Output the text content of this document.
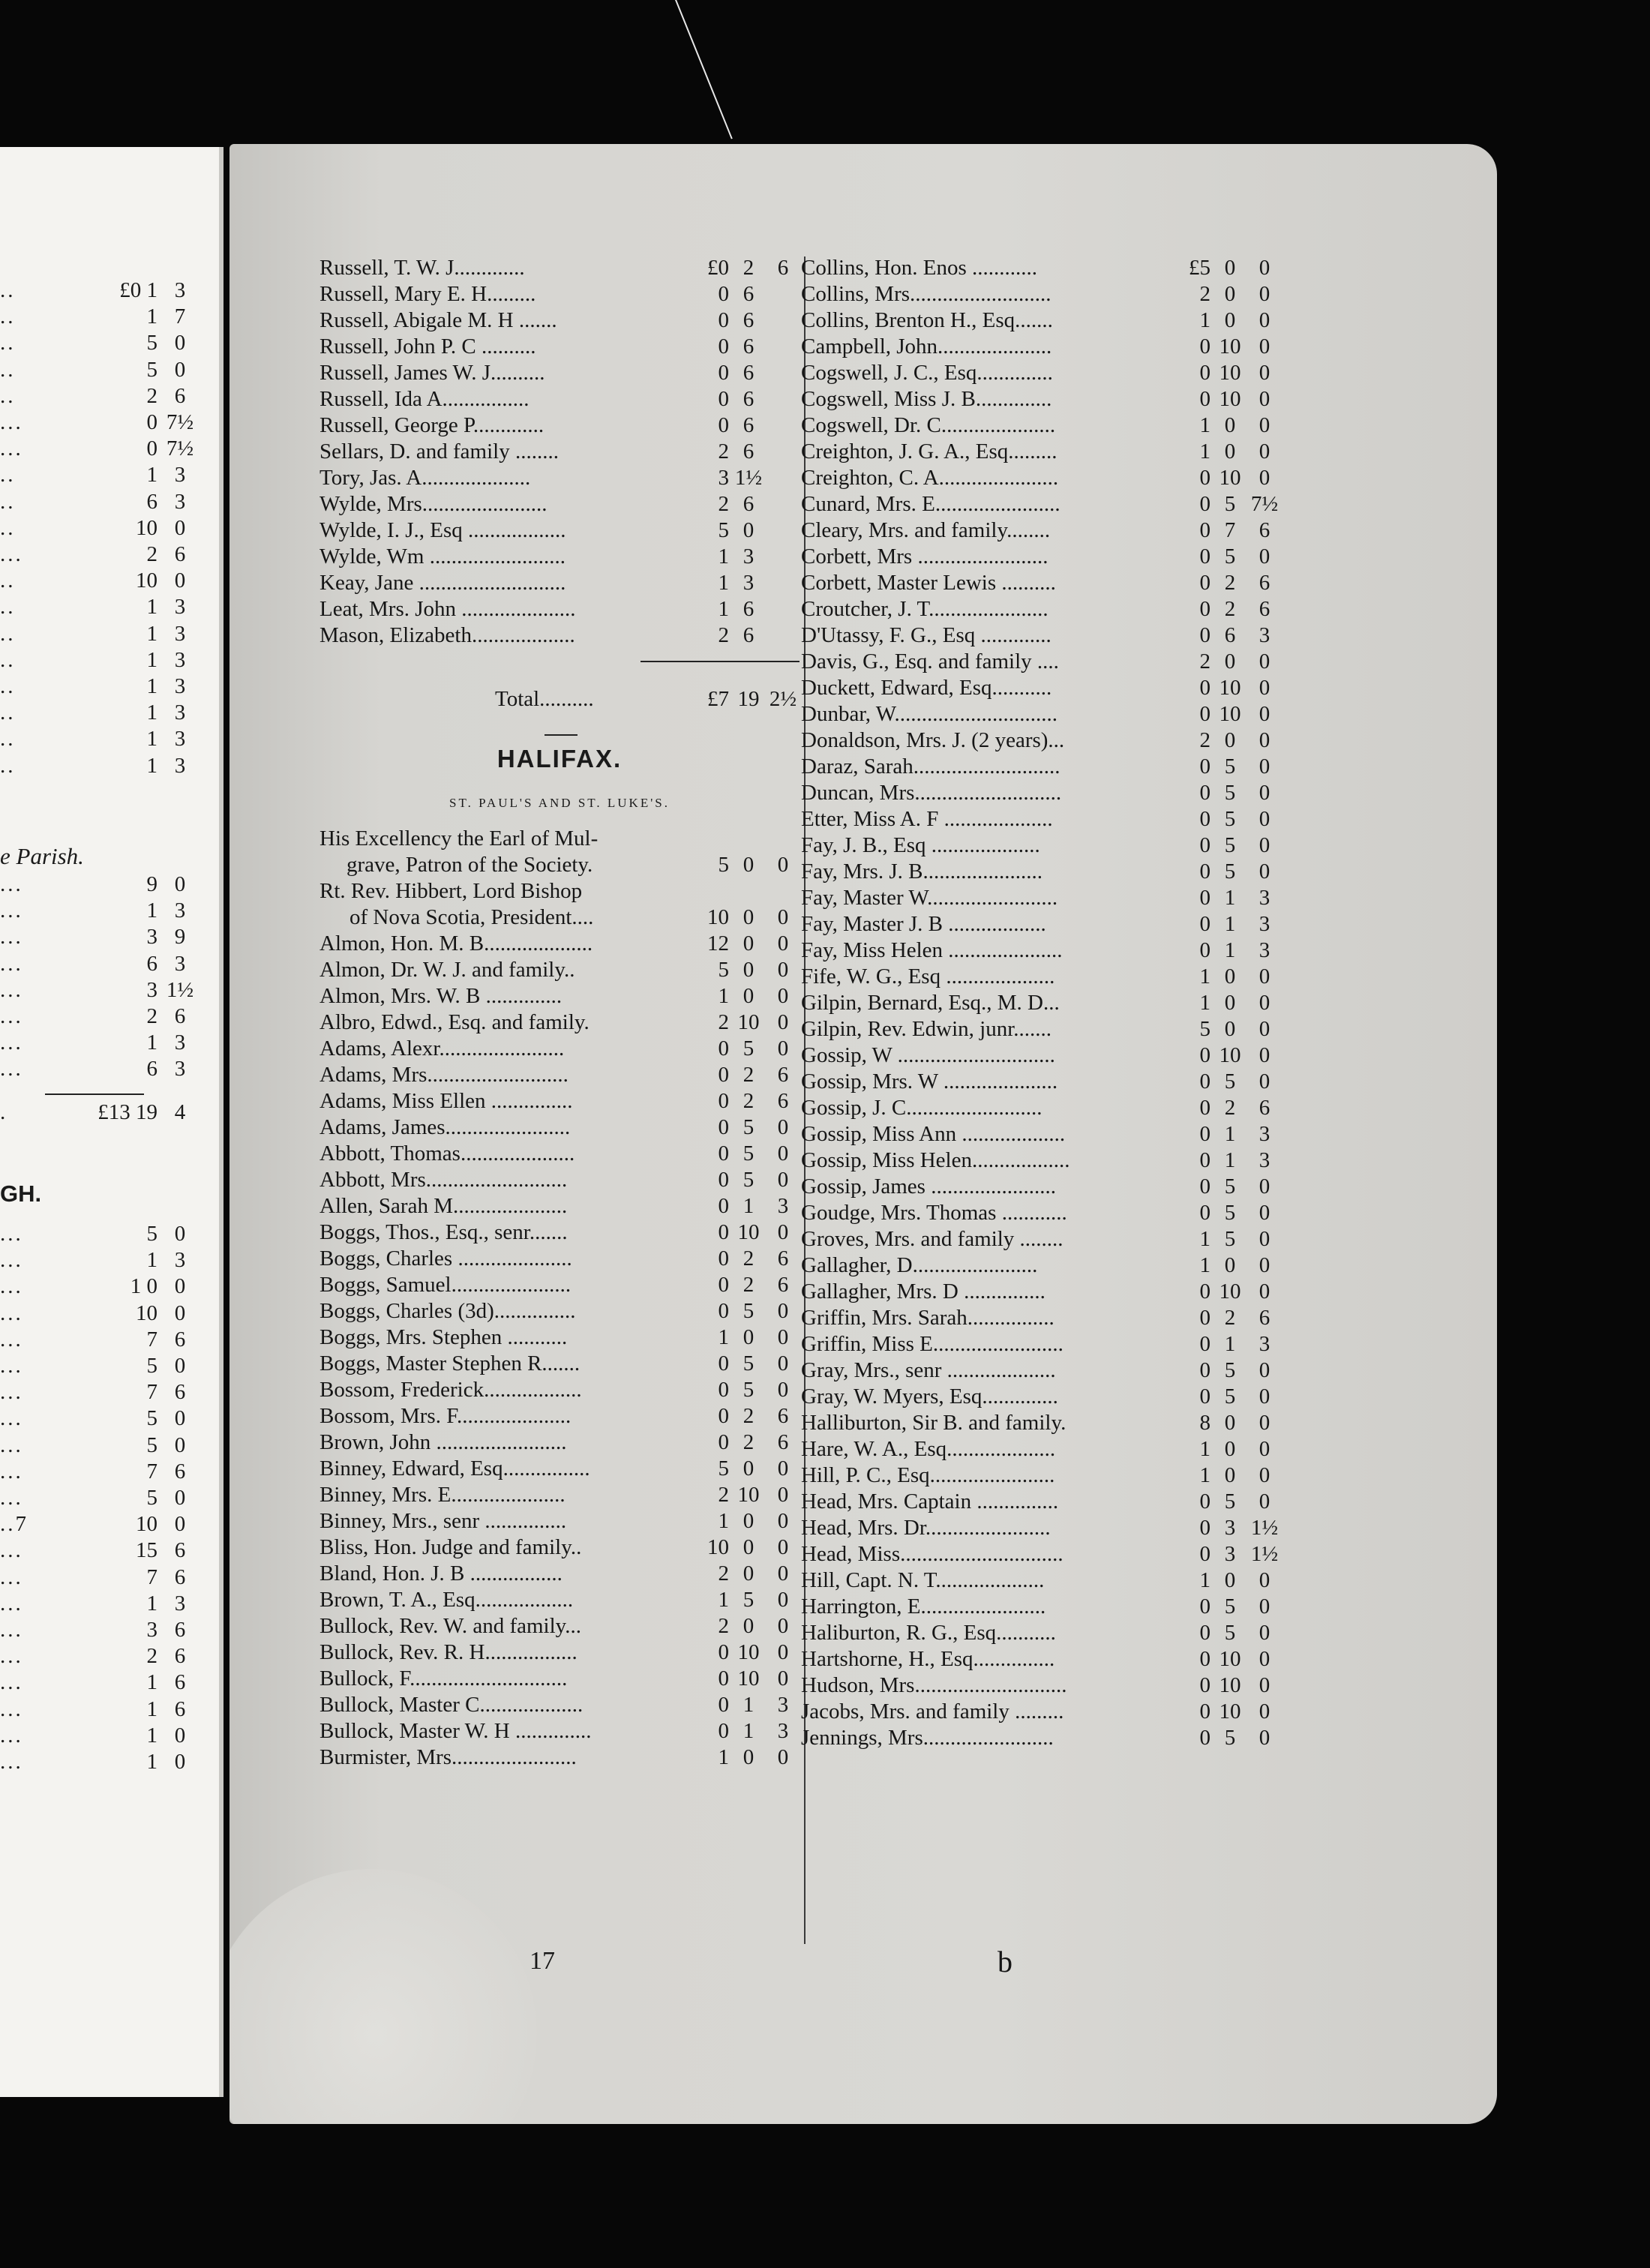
..	£0 1 3
..	1 7
..	5 0
..	5 0
..	2 6
...	0 7½
...	0 7½
..	1 3
..	6 3
..	10 0
...	2 6
..	10 0
..	1 3
..	1 3
..	1 3
..	1 3
..	1 3
..	1 3
..	1 3
e Parish.
...	9 0
...	1 3
...	3 9
...	6 3
...	3 1½
...	2 6
...	1 3
...	6 3
.	£13 19 4
GH.
...	5 0
...	1 3
...	1 0 0
...	10 0
...	7 6
...	5 0
...	7 6
...	5 0
...	5 0
...	7 6
...	5 0
..7	10 0
...	15 6
...	7 6
...	1 3
...	3 6
...	2 6
...	1 6
...	1 6
...	1 0
...	1 0
Russell, T. W. J.............	£0 2	6
Russell, Mary E. H.........	0 6
Russell, Abigale M. H .......	0 6
Russell, John P. C ..........	0 6
Russell, James W. J..........	0 6
Russell, Ida A................	0 6
Russell, George P.............	0 6
Sellars, D. and family ........	2 6
Tory, Jas. A....................	3 1½
Wylde, Mrs.......................	2 6
Wylde, I. J., Esq ..................	5 0
Wylde, Wm .........................	1 3
Keay, Jane ...........................	1 3
Leat, Mrs. John .....................	1 6
Mason, Elizabeth...................	2 6
Total..........	£7 19 2½
HALIFAX.
ST. PAUL'S AND ST. LUKE'S.
His Excellency the Earl of Mul-
grave, Patron of the Society.	5 0	0
Rt. Rev. Hibbert, Lord Bishop
of Nova Scotia, President....	10 0	0
Almon, Hon. M. B....................	12 0	0
Almon, Dr. W. J. and family..	5 0	0
Almon, Mrs. W. B ..............	1 0	0
Albro, Edwd., Esq. and family.	2 10 0
Adams, Alexr.......................	0 5	0
Adams, Mrs..........................	0 2	6
Adams, Miss Ellen ...............	0 2	6
Adams, James.......................	0 5	0
Abbott, Thomas.....................	0 5	0
Abbott, Mrs..........................	0 5	0
Allen, Sarah M.....................	0 1	3
Boggs, Thos., Esq., senr.......	0 10 0
Boggs, Charles .....................	0 2	6
Boggs, Samuel......................	0 2	6
Boggs, Charles (3d)...............	0 5	0
Boggs, Mrs. Stephen ...........	1 0	0
Boggs, Master Stephen R.......	0 5	0
Bossom, Frederick..................	0 5	0
Bossom, Mrs. F.....................	0 2	6
Brown, John ........................	0 2	6
Binney, Edward, Esq................	5 0	0
Binney, Mrs. E.....................	2 10 0
Binney, Mrs., senr ...............	1 0	0
Bliss, Hon. Judge and family..	10 0	0
Bland, Hon. J. B .................	2 0	0
Brown, T. A., Esq..................	1 5	0
Bullock, Rev. W. and family...	2 0	0
Bullock, Rev. R. H.................	0 10 0
Bullock, F.............................	0 10 0
Bullock, Master C...................	0 1	3
Bullock, Master W. H ..............	0 1	3
Burmister, Mrs.......................	1 0	0
Collins, Hon. Enos ............	£5 0	0
Collins, Mrs..........................	2 0	0
Collins, Brenton H., Esq.......	1 0	0
Campbell, John.....................	0 10 0
Cogswell, J. C., Esq..............	0 10 0
Cogswell, Miss J. B..............	0 10 0
Cogswell, Dr. C.....................	1 0	0
Creighton, J. G. A., Esq.........	1 0	0
Creighton, C. A......................	0 10 0
Cunard, Mrs. E.......................	0 5 7½
Cleary, Mrs. and family........	0 7	6
Corbett, Mrs ........................	0 5	0
Corbett, Master Lewis ..........	0 2	6
Croutcher, J. T......................	0 2	6
D'Utassy, F. G., Esq .............	0 6	3
Davis, G., Esq. and family ....	2 0	0
Duckett, Edward, Esq...........	0 10 0
Dunbar, W..............................	0 10 0
Donaldson, Mrs. J. (2 years)...	2 0	0
Daraz, Sarah...........................	0 5	0
Duncan, Mrs...........................	0 5	0
Etter, Miss A. F ....................	0 5	0
Fay, J. B., Esq ....................	0 5	0
Fay, Mrs. J. B......................	0 5	0
Fay, Master W........................	0 1	3
Fay, Master J. B ..................	0 1	3
Fay, Miss Helen .....................	0 1	3
Fife, W. G., Esq ....................	1 0	0
Gilpin, Bernard, Esq., M. D...	1 0	0
Gilpin, Rev. Edwin, junr.......	5 0	0
Gossip, W .............................	0 10 0
Gossip, Mrs. W .....................	0 5	0
Gossip, J. C.........................	0 2	6
Gossip, Miss Ann ...................	0 1	3
Gossip, Miss Helen..................	0 1	3
Gossip, James .......................	0 5	0
Goudge, Mrs. Thomas ............	0 5	0
Groves, Mrs. and family ........	1 5	0
Gallagher, D.......................	1 0	0
Gallagher, Mrs. D ...............	0 10 0
Griffin, Mrs. Sarah................	0 2	6
Griffin, Miss E........................	0 1	3
Gray, Mrs., senr ....................	0 5	0
Gray, W. Myers, Esq..............	0 5	0
Halliburton, Sir B. and family.	8 0	0
Hare, W. A., Esq....................	1 0	0
Hill, P. C., Esq.......................	1 0	0
Head, Mrs. Captain ...............	0 5	0
Head, Mrs. Dr.......................	0 3 1½
Head, Miss..............................	0 3 1½
Hill, Capt. N. T....................	1 0	0
Harrington, E.......................	0 5	0
Haliburton, R. G., Esq...........	0 5	0
Hartshorne, H., Esq...............	0 10 0
Hudson, Mrs............................	0 10 0
Jacobs, Mrs. and family .........	0 10 0
Jennings, Mrs........................	0 5	0
17	b
